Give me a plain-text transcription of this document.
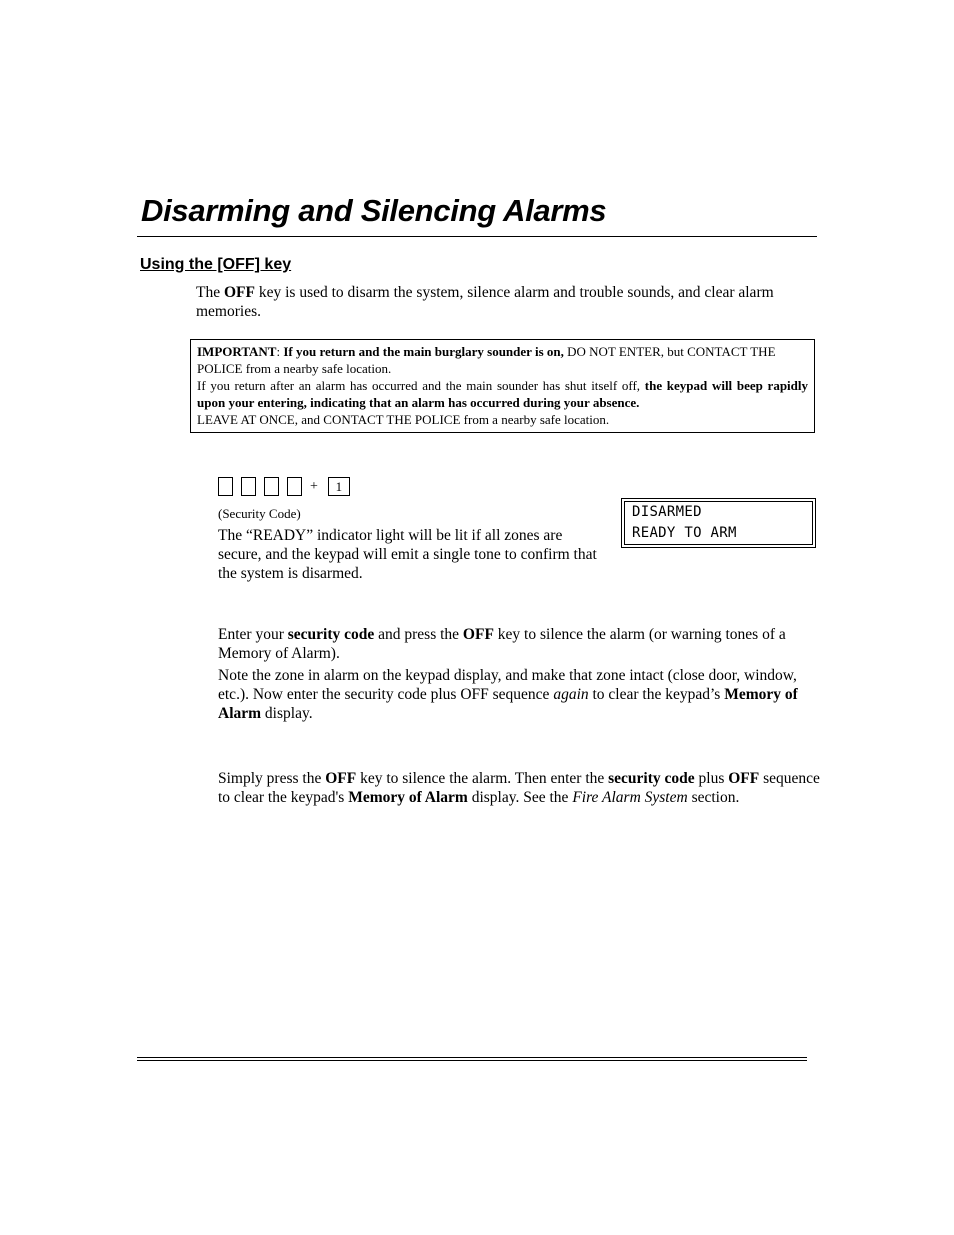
Disarming and Silencing Alarms
Using the [OFF] key

The OFF key is used to disarm the system, silence alarm and trouble sounds, and clear alarm memories.

IMPORTANT: If you return and the main burglary sounder is on, DO NOT ENTER, but CONTACT THE POLICE from a nearby safe location.

If you return after an alarm has occurred and the main sounder has shut itself off, the keypad will beep rapidly upon your entering, indicating that an alarm has occurred during your absence.

LEAVE AT ONCE, and CONTACT THE POLICE from a nearby safe location.

+	1

(Security Code)

The “READY” indicator light will be lit if all zones are secure, and the keypad will emit a single tone to confirm that the system is disarmed.

DISARMED

READY TO ARM

Enter your security code and press the OFF key to silence the alarm (or warning tones of a Memory of Alarm).

Note the zone in alarm on the keypad display, and make that zone intact (close door, window, etc.). Now enter the security code plus OFF sequence again to clear the keypad’s Memory of Alarm display.

Simply press the OFF key to silence the alarm. Then enter the security code plus OFF sequence to clear the keypad's Memory of Alarm display. See the Fire Alarm System section.
